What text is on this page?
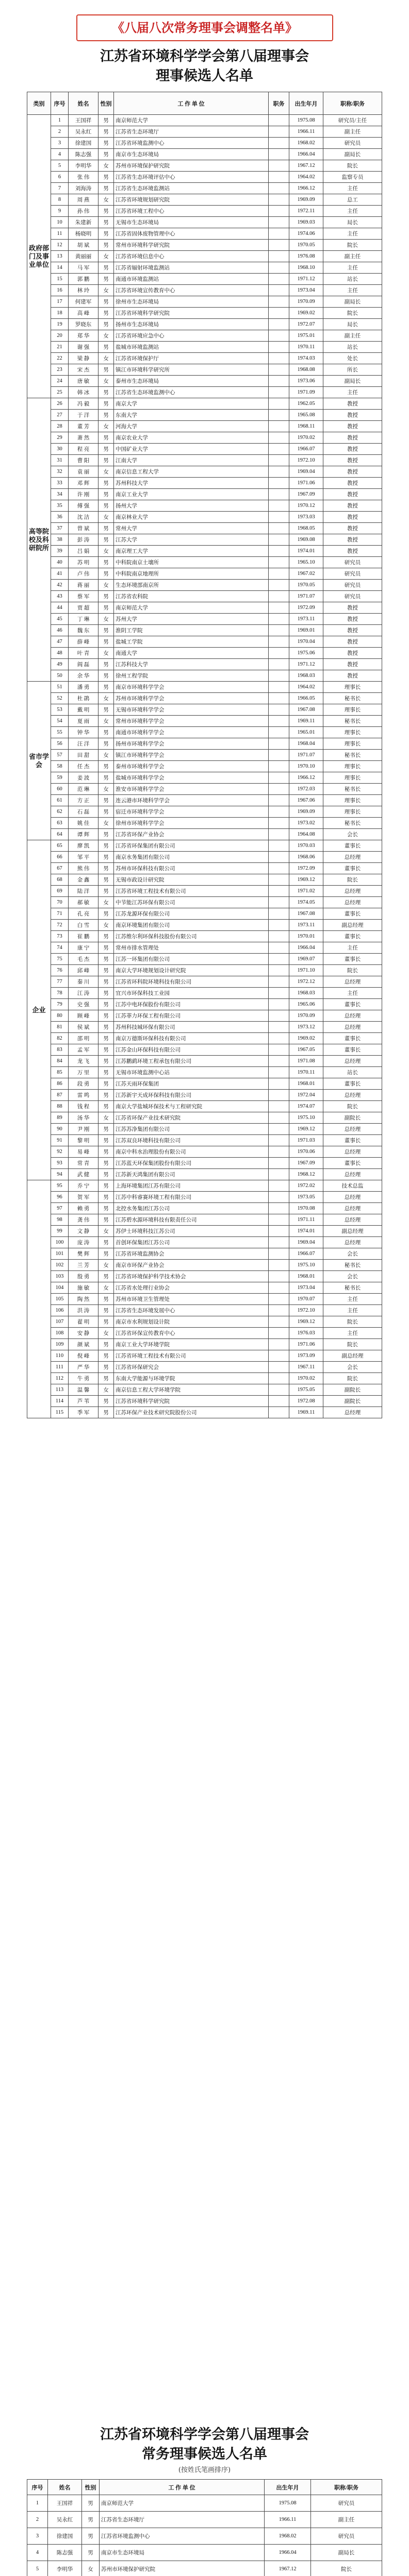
《八届八次常务理事会调整名单》
江苏省环境科学学会第八届理事会
理事候选人名单
类别	序号	姓名	性别	工 作 单 位	职务	出生年月	职称/职务
政府部门及事业单位	1	王国祥	男	南京师范大学		1975.08	研究员/主任
	2	吴永红	男	江苏省生态环境厅		1966.11	副主任
	3	徐建国	男	江苏省环境监测中心		1968.02	研究员
	4	陈志强	男	南京市生态环境局		1966.04	副局长
	5	李明华	女	苏州市环境保护研究院		1967.12	院长
	6	张 伟	男	江苏省生态环境评估中心		1964.02	监察专员
	7	刘海涛	男	江苏省生态环境监测站		1966.12	主任
	8	周 燕	女	江苏省环境规划研究院		1969.09	总工
	9	孙 伟	男	江苏省环境工程中心		1972.11	主任
	10	朱建新	男	无锡市生态环境局		1969.03	局长
	11	杨晓明	男	江苏省固体废物管理中心		1974.06	主任
	12	胡 斌	男	常州市环境科学研究院		1970.05	院长
	13	黄丽丽	女	江苏省环境信息中心		1976.08	副主任
	14	马 军	男	江苏省辐射环境监测站		1968.10	主任
	15	郭 鹏	男	南通市环境监测站		1971.12	站长
	16	林 玲	女	江苏省环境宣传教育中心		1973.04	主任
	17	何建军	男	徐州市生态环境局		1970.09	副局长
	18	高 峰	男	江苏省环境科学研究院		1969.02	院长
	19	罗晓东	男	扬州市生态环境局		1972.07	局长
	20	郑 华	女	江苏省环境应急中心		1975.01	副主任
	21	谢 强	男	盐城市环境监测站		1970.11	站长
	22	梁 静	女	江苏省环境保护厅		1974.03	处长
	23	宋 杰	男	镇江市环境科学研究所		1968.08	所长
	24	唐 敏	女	泰州市生态环境局		1973.06	副局长
	25	韩 冰	男	江苏省生态环境监测中心		1971.09	主任
高等院校及科研院所	26	冯 毅	男	南京大学		1962.05	教授
	27	于 洋	男	东南大学		1965.08	教授
	28	董 芳	女	河海大学		1968.11	教授
	29	萧 然	男	南京农业大学		1970.02	教授
	30	程 亮	男	中国矿业大学		1966.07	教授
	31	曹 阳	男	江南大学		1972.10	教授
	32	袁 丽	女	南京信息工程大学		1969.04	教授
	33	邓 辉	男	苏州科技大学		1971.06	教授
	34	许 刚	男	南京工业大学		1967.09	教授
	35	傅 强	男	扬州大学		1970.12	教授
	36	沈 洁	女	南京林业大学		1973.03	教授
	37	曾 斌	男	常州大学		1968.05	教授
	38	彭 涛	男	江苏大学		1969.08	教授
	39	吕 娟	女	南京理工大学		1974.01	教授
	40	苏 明	男	中科院南京土壤所		1965.10	研究员
	41	卢 伟	男	中科院南京地理所		1967.02	研究员
	42	蒋 丽	女	生态环境部南京所		1970.05	研究员
	43	蔡 军	男	江苏省农科院		1971.07	研究员
	44	贾 超	男	南京师范大学		1972.09	教授
	45	丁 琳	女	苏州大学		1973.11	教授
	46	魏 东	男	淮阴工学院		1969.01	教授
	47	薛 峰	男	盐城工学院		1970.04	教授
	48	叶 青	女	南通大学		1975.06	教授
	49	阎 磊	男	江苏科技大学		1971.12	教授
	50	余 华	男	徐州工程学院		1968.03	教授
省市学会	51	潘 勇	男	南京市环境科学学会		1964.02	理事长
	52	杜 鹃	女	苏州市环境科学学会		1966.05	秘书长
	53	戴 明	男	无锡市环境科学学会		1967.08	理事长
	54	夏 雨	女	常州市环境科学学会		1969.11	秘书长
	55	钟 华	男	南通市环境科学学会		1965.01	理事长
	56	汪 洋	男	扬州市环境科学学会		1968.04	理事长
	57	田 甜	女	镇江市环境科学学会		1971.07	秘书长
	58	任 杰	男	泰州市环境科学学会		1970.10	理事长
	59	姜 波	男	盐城市环境科学学会		1966.12	理事长
	60	范 琳	女	淮安市环境科学学会		1972.03	秘书长
	61	方 正	男	连云港市环境科学学会		1967.06	理事长
	62	石 磊	男	宿迁市环境科学学会		1969.09	理事长
	63	姚 佳	女	徐州市环境科学学会		1973.02	秘书长
	64	谭 辉	男	江苏省环保产业协会		1964.08	会长
企业	65	廖 凯	男	江苏省环保集团有限公司		1970.03	董事长
	66	邹 平	男	南京水务集团有限公司		1968.06	总经理
	67	熊 伟	男	苏州市环保科技有限公司		1972.09	董事长
	68	金 鑫	男	无锡市政设计研究院		1969.12	院长
	69	陆 洋	男	江苏省环境工程技术有限公司		1971.02	总经理
	70	郝 敏	女	中节能江苏环保有限公司		1974.05	总经理
	71	孔 亮	男	江苏龙源环保有限公司		1967.08	董事长
	72	白 雪	女	南京环境集团有限公司		1973.11	副总经理
	73	崔 鹏	男	江苏维尔利环保科技股份有限公司		1970.01	董事长
	74	康 宁	男	常州市排水管理处		1966.04	主任
	75	毛 杰	男	江苏一环集团有限公司		1969.07	董事长
	76	邱 峰	男	南京大学环境规划设计研究院		1971.10	院长
	77	秦 川	男	江苏省环科院环境科技有限公司		1972.12	总经理
	78	江 涛	男	宜兴市环保科技工业园		1968.03	主任
	79	史 强	男	江苏中电环保股份有限公司		1965.06	董事长
	80	顾 峰	男	江苏菲力环保工程有限公司		1970.09	总经理
	81	侯 斌	男	苏州科技城环保有限公司		1973.12	总经理
	82	邵 明	男	南京万德斯环保科技有限公司		1969.02	董事长
	83	孟 军	男	江苏金山环保科技有限公司		1967.05	董事长
	84	龙 飞	男	江苏鹏鹞环境工程承包有限公司		1971.08	总经理
	85	万 里	男	无锡市环境监测中心站		1970.11	站长
	86	段 勇	男	江苏天雨环保集团		1968.01	董事长
	87	雷 鸣	男	江苏新宇天成环保科技有限公司		1972.04	总经理
	88	钱 程	男	南京大学盐城环保技术与工程研究院		1974.07	院长
	89	汤 华	女	江苏省环保产业技术研究院		1975.10	副院长
	90	尹 刚	男	江苏苏净集团有限公司		1969.12	总经理
	91	黎 明	男	江苏双良环境科技有限公司		1971.03	董事长
	92	易 峰	男	南京中科水治理股份有限公司		1970.06	总经理
	93	常 青	男	江苏蓝天环保集团股份有限公司		1967.09	董事长
	94	武 健	男	江苏新天鸿集团有限公司		1968.12	总经理
	95	乔 宁	男	上海环境集团江苏有限公司		1972.02	技术总监
	96	贺 军	男	江苏中科睿赛环境工程有限公司		1973.05	总经理
	97	赖 勇	男	北控水务集团江苏公司		1970.08	总经理
	98	龚 伟	男	江苏碧水源环境科技有限责任公司		1971.11	总经理
	99	文 静	女	苏伊士环境科技江苏公司		1974.01	副总经理
	100	庞 涛	男	首创环保集团江苏公司		1969.04	总经理
	101	樊 辉	男	江苏省环境监测协会		1966.07	会长
	102	兰 芳	女	南京市环保产业协会		1975.10	秘书长
	103	殷 勇	男	江苏省环境保护科学技术协会		1968.01	会长
	104	施 敏	女	江苏省水处理行业协会		1973.04	秘书长
	105	陶 然	男	苏州市环境卫生管理处		1970.07	主任
	106	洪 涛	男	江苏省生态环境发展中心		1972.10	主任
	107	翟 明	男	南京市水利规划设计院		1969.12	院长
	108	安 静	女	江苏省环保宣传教育中心		1976.03	主任
	109	颜 斌	男	南京工业大学环境学院		1971.06	院长
	110	倪 峰	男	江苏省环境工程技术有限公司		1973.09	副总经理
	111	严 华	男	江苏省环保研究会		1967.11	会长
	112	牛 勇	男	东南大学能源与环境学院		1970.02	院长
	113	温 馨	女	南京信息工程大学环境学院		1975.05	副院长
	114	芦 苇	男	江苏省环境科学研究院		1972.08	副院长
	115	季 军	男	江苏环保产业技术研究院股份公司		1969.11	总经理
江苏省环境科学学会第八届理事会
常务理事候选人名单
(按姓氏笔画排序)
序号	姓名	性别	工 作 单 位	出生年月	职称/职务
1	王国祥	男	南京师范大学	1975.08	研究员
2	吴永红	男	江苏省生态环境厅	1966.11	副主任
3	徐建国	男	江苏省环境监测中心	1968.02	研究员
4	陈志强	男	南京市生态环境局	1966.04	副局长
5	李明华	女	苏州市环境保护研究院	1967.12	院长
